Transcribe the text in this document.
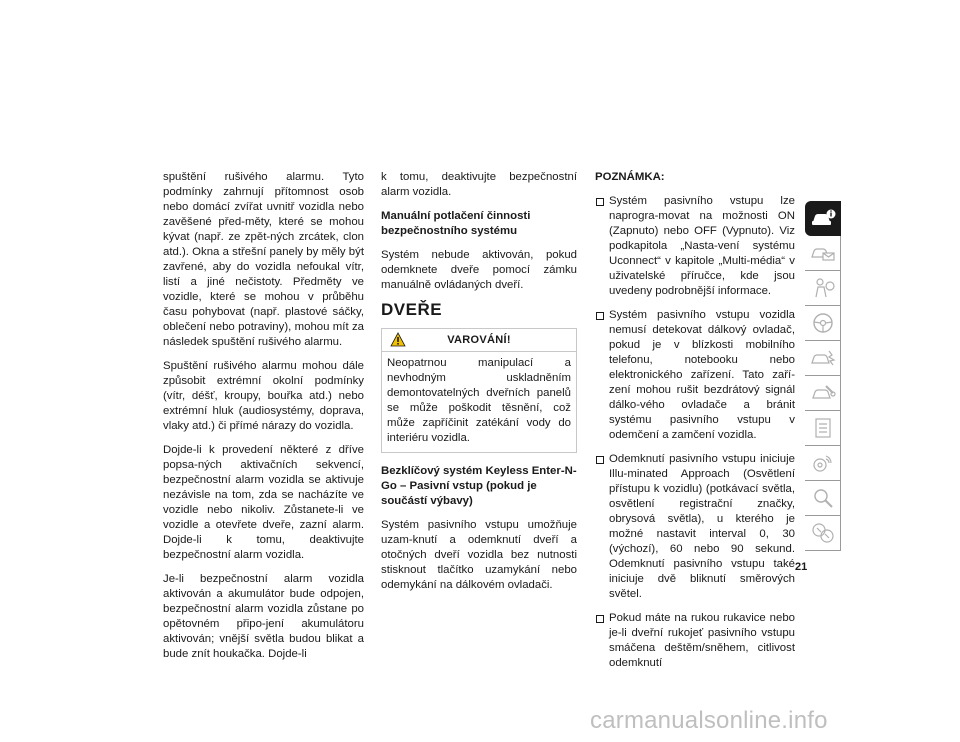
spuštění rušivého alarmu. Tyto podmínky zahrnují přítomnost osob nebo domácí zvířat uvnitř vozidla nebo zavěšené před-měty, které se mohou kývat (např. ze zpět-ných zrcátek, clon atd.). Okna a střešní panely by měly být zavřené, aby do vozidla nefoukal vítr, listí a jiné nečistoty. Předměty ve vozidle, které se mohou v průběhu času pohybovat (např. plastové sáčky, oblečení nebo potraviny), mohou mít za následek spuštění rušivého alarmu.

Spuštění rušivého alarmu mohou dále způsobit extrémní okolní podmínky (vítr, déšť, kroupy, bouřka atd.) nebo extrémní hluk (audiosystémy, doprava, vlaky atd.) či přímé nárazy do vozidla.

Dojde-li k provedení některé z dříve popsa-ných aktivačních sekvencí, bezpečnostní alarm vozidla se aktivuje nezávisle na tom, zda se nacházíte ve vozidle nebo nikoliv. Zůstanete-li ve vozidle a otevřete dveře, zazní alarm. Dojde-li k tomu, deaktivujte bezpečnostní alarm vozidla.

Je-li bezpečnostní alarm vozidla aktivován a akumulátor bude odpojen, bezpečnostní alarm vozidla zůstane po opětovném připo-jení akumulátoru aktivován; vnější světla budou blikat a bude znít houkačka. Dojde-li

k tomu, deaktivujte bezpečnostní alarm vozidla.

Manuální potlačení činnosti bezpečnostního systému

Systém nebude aktivován, pokud odemknete dveře pomocí zámku manuálně ovládaných dveří.

DVEŘE
VAROVÁNÍ!
Neopatrnou manipulací a nevhodným uskladněním demontovatelných dveřních panelů se může poškodit těsnění, což může zapříčinit zatékání vody do interiéru vozidla.
Bezklíčový systém Keyless Enter-N-Go – Pasivní vstup (pokud je součástí výbavy)

Systém pasivního vstupu umožňuje uzam-knutí a odemknutí dveří a otočných dveří vozidla bez nutnosti stisknout tlačítko uzamykání nebo odemykání na dálkovém ovladači.

POZNÁMKA:
Systém pasivního vstupu lze naprogra-movat na možnosti ON (Zapnuto) nebo OFF (Vypnuto). Viz podkapitola „Nasta-vení systému Uconnect“ v kapitole „Multi-média“ v uživatelské příručce, kde jsou uvedeny podrobnější informace.
Systém pasivního vstupu vozidla nemusí detekovat dálkový ovladač, pokud je v blízkosti mobilního telefonu, notebooku nebo elektronického zařízení. Tato zaří-zení mohou rušit bezdrátový signál dálko-vého ovladače a bránit systému pasivního vstupu v odemčení a zamčení vozidla.
Odemknutí pasivního vstupu iniciuje Illu-minated Approach (Osvětlení přístupu k vozidlu) (potkávací světla, osvětlení registrační značky, obrysová světla), u kterého je možné nastavit interval 0, 30 (výchozí), 60 nebo 90 sekund. Odemknutí pasivního vstupu také iniciuje dvě bliknutí směrových světel.
Pokud máte na rukou rukavice nebo je-li dveřní rukojeť pasivního vstupu smáčena deštěm/sněhem, citlivost odemknutí
21
carmanualsonline.info
